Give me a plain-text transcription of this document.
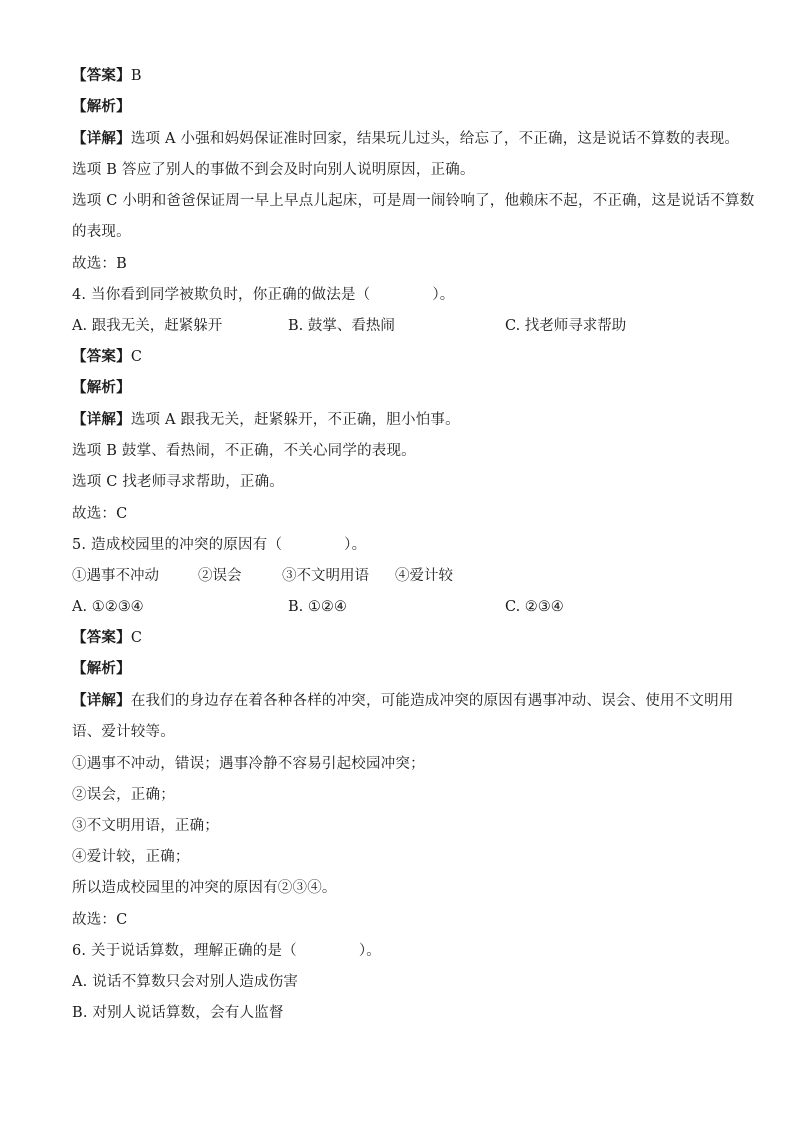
【答案】B
【解析】
【详解】选项 A 小强和妈妈保证准时回家，结果玩儿过头，给忘了，不正确，这是说话不算数的表现。
选项 B 答应了别人的事做不到会及时向别人说明原因，正确。
选项 C 小明和爸爸保证周一早上早点儿起床，可是周一闹铃响了，他赖床不起，不正确，这是说话不算数
的表现。
故选：B
4. 当你看到同学被欺负时，你正确的做法是（	）。
A. 跟我无关，赶紧躲开	B. 鼓掌、看热闹	C. 找老师寻求帮助
【答案】C
【解析】
【详解】选项 A 跟我无关，赶紧躲开，不正确，胆小怕事。
选项 B 鼓掌、看热闹，不正确，不关心同学的表现。
选项 C 找老师寻求帮助，正确。
故选：C
5. 造成校园里的冲突的原因有（	）。
①遇事不冲动	②误会	③不文明用语 ④爱计较
A. ①②③④	B. ①②④	C. ②③④
【答案】C
【解析】
【详解】在我们的身边存在着各种各样的冲突，可能造成冲突的原因有遇事冲动、误会、使用不文明用
语、爱计较等。
①遇事不冲动，错误；遇事冷静不容易引起校园冲突；
②误会，正确；
③不文明用语，正确；
④爱计较，正确；
所以造成校园里的冲突的原因有②③④。
故选：C
6. 关于说话算数，理解正确的是（	）。
A. 说话不算数只会对别人造成伤害
B. 对别人说话算数，会有人监督
